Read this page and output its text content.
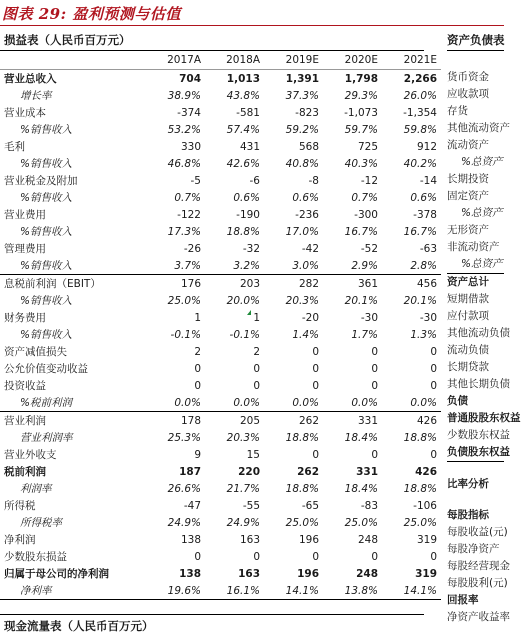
图表 29: 盈利预测与估值
损益表（人民币百万元）
	2017A	2018A	2019E	2020E	2021E
营业总收入	704	1,013	1,391	1,798	2,266
增长率	38.9%	43.8%	37.3%	29.3%	26.0%
营业成本	-374	-581	-823	-1,073	-1,354
%销售收入	53.2%	57.4%	59.2%	59.7%	59.8%
毛利	330	431	568	725	912
%销售收入	46.8%	42.6%	40.8%	40.3%	40.2%
营业税金及附加	-5	-6	-8	-12	-14
%销售收入	0.7%	0.6%	0.6%	0.7%	0.6%
营业费用	-122	-190	-236	-300	-378
%销售收入	17.3%	18.8%	17.0%	16.7%	16.7%
管理费用	-26	-32	-42	-52	-63
%销售收入	3.7%	3.2%	3.0%	2.9%	2.8%
息税前利润（EBIT）	176	203	282	361	456
%销售收入	25.0%	20.0%	20.3%	20.1%	20.1%
财务费用	1	1	-20	-30	-30
%销售收入	-0.1%	-0.1%	1.4%	1.7%	1.3%
资产减值损失	2	2	0	0	0
公允价值变动收益	0	0	0	0	0
投资收益	0	0	0	0	0
%税前利润	0.0%	0.0%	0.0%	0.0%	0.0%
营业利润	178	205	262	331	426
营业利润率	25.3%	20.3%	18.8%	18.4%	18.8%
营业外收支	9	15	0	0	0
税前利润	187	220	262	331	426
利润率	26.6%	21.7%	18.8%	18.4%	18.8%
所得税	-47	-55	-65	-83	-106
所得税率	24.9%	24.9%	25.0%	25.0%	25.0%
净利润	138	163	196	248	319
少数股东损益	0	0	0	0	0
归属于母公司的净利润	138	163	196	248	319
净利率	19.6%	16.1%	14.1%	13.8%	14.1%
现金流量表（人民币百万元）
资产负债表
货币资金
应收款项
存货
其他流动资产
流动资产
%总资产
长期投资
固定资产
%总资产
无形资产
非流动资产
%总资产
资产总计
短期借款
应付款项
其他流动负债
流动负债
长期贷款
其他长期负债
负债
普通股股东权益
少数股东权益
负债股东权益
比率分析
每股指标
每股收益(元)
每股净资产
每股经营现金
每股股利(元)
回报率
净资产收益率
